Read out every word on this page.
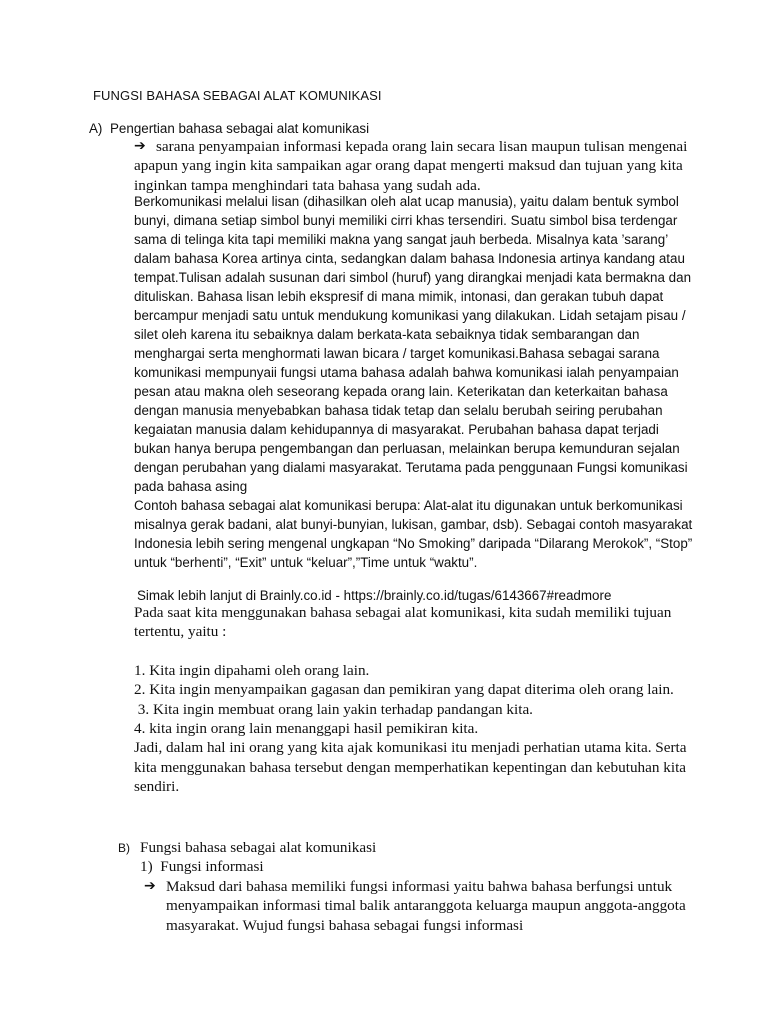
FUNGSI BAHASA SEBAGAI ALAT KOMUNIKASI
A) Pengertian bahasa sebagai alat komunikasi
➔ sarana penyampaian informasi kepada orang lain secara lisan maupun tulisan mengenai apapun yang ingin kita sampaikan agar orang dapat mengerti maksud dan tujuan yang kita inginkan tampa menghindari tata bahasa yang sudah ada.

Berkomunikasi melalui lisan (dihasilkan oleh alat ucap manusia), yaitu dalam bentuk symbol bunyi, dimana setiap simbol bunyi memiliki cirri khas tersendiri. Suatu simbol bisa terdengar sama di telinga kita tapi memiliki makna yang sangat jauh berbeda. Misalnya kata ’sarang’ dalam bahasa Korea artinya cinta, sedangkan dalam bahasa Indonesia artinya kandang atau tempat.Tulisan adalah susunan dari simbol (huruf) yang dirangkai menjadi kata bermakna dan dituliskan. Bahasa lisan lebih ekspresif di mana mimik, intonasi, dan gerakan tubuh dapat bercampur menjadi satu untuk mendukung komunikasi yang dilakukan. Lidah setajam pisau / silet oleh karena itu sebaiknya dalam berkata-kata sebaiknya tidak sembarangan dan menghargai serta menghormati lawan bicara / target komunikasi.Bahasa sebagai sarana komunikasi mempunyaii fungsi utama bahasa adalah bahwa komunikasi ialah penyampaian pesan atau makna oleh seseorang kepada orang lain. Keterikatan dan keterkaitan bahasa dengan manusia menyebabkan bahasa tidak tetap dan selalu berubah seiring perubahan kegaiatan manusia dalam kehidupannya di masyarakat. Perubahan bahasa dapat terjadi bukan hanya berupa pengembangan dan perluasan, melainkan berupa kemunduran sejalan dengan perubahan yang dialami masyarakat. Terutama pada penggunaan Fungsi komunikasi pada bahasa asing

Contoh bahasa sebagai alat komunikasi berupa: Alat-alat itu digunakan untuk berkomunikasi misalnya gerak badani, alat bunyi-bunyian, lukisan, gambar, dsb). Sebagai contoh masyarakat Indonesia lebih sering mengenal ungkapan “No Smoking” daripada “Dilarang Merokok”, “Stop” untuk “berhenti”, “Exit” untuk “keluar”,”Time untuk “waktu”.

Simak lebih lanjut di Brainly.co.id - https://brainly.co.id/tugas/6143667#readmore

Pada saat kita menggunakan bahasa sebagai alat komunikasi, kita sudah memiliki tujuan tertentu, yaitu :

1. Kita ingin dipahami oleh orang lain.

2. Kita ingin menyampaikan gagasan dan pemikiran yang dapat diterima oleh orang lain.

3. Kita ingin membuat orang lain yakin terhadap pandangan kita.

4. kita ingin orang lain menanggapi hasil pemikiran kita.

Jadi, dalam hal ini orang yang kita ajak komunikasi itu menjadi perhatian utama kita. Serta kita menggunakan bahasa tersebut dengan memperhatikan kepentingan dan kebutuhan kita sendiri.

B) Fungsi bahasa sebagai alat komunikasi
1)  Fungsi informasi
➔ Maksud dari bahasa memiliki fungsi informasi yaitu bahwa bahasa berfungsi untuk menyampaikan informasi timal balik antaranggota keluarga maupun anggota-anggota masyarakat. Wujud fungsi bahasa sebagai fungsi informasi
